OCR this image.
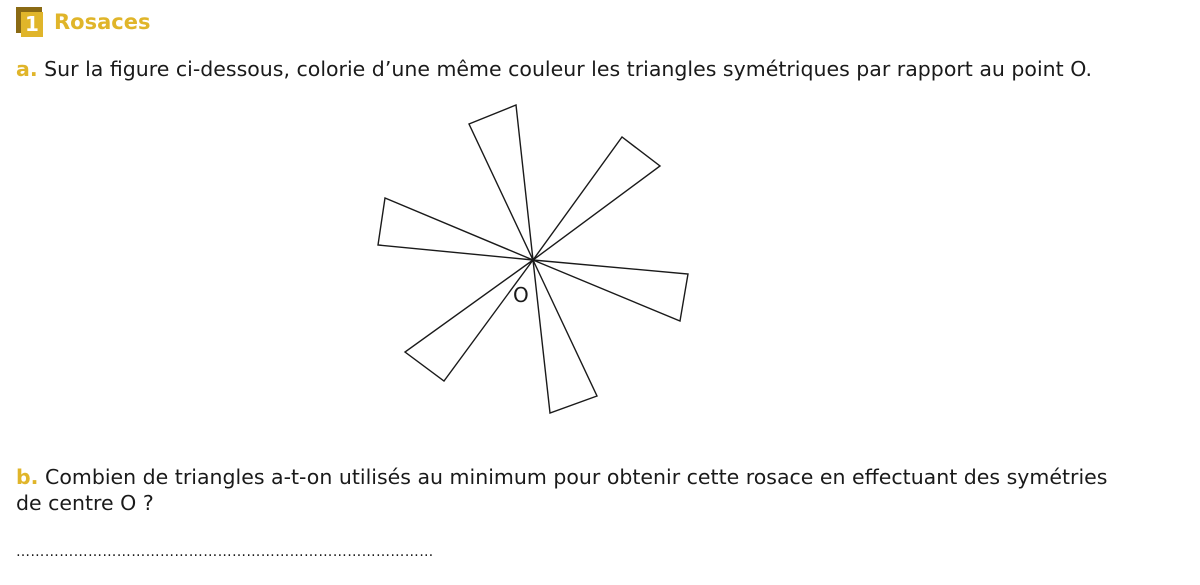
1 Rosaces
a. Sur la figure ci-dessous, colorie d’une même couleur les triangles symétriques par rapport au point O.
O
b. Combien de triangles a-t-on utilisés au minimum pour obtenir cette rosace en effectuant des symétries
de centre O ?
……………………………………………………………………………
